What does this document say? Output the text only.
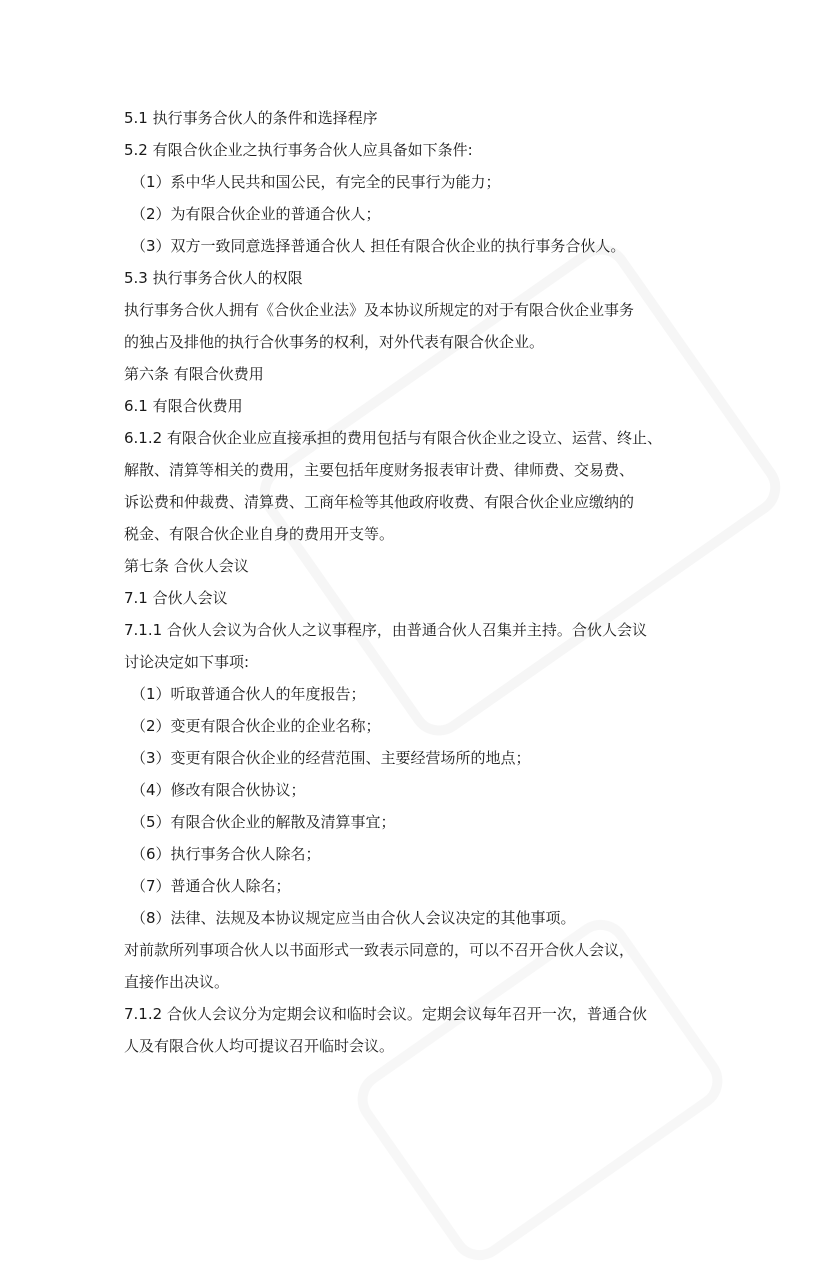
5.1 执行事务合伙人的条件和选择程序
5.2 有限合伙企业之执行事务合伙人应具备如下条件:
（1）系中华人民共和国公民，有完全的民事行为能力；
（2）为有限合伙企业的普通合伙人；
（3）双方一致同意选择普通合伙人 担任有限合伙企业的执行事务合伙人。
5.3 执行事务合伙人的权限
执行事务合伙人拥有《合伙企业法》及本协议所规定的对于有限合伙企业事务
的独占及排他的执行合伙事务的权利，对外代表有限合伙企业。
第六条 有限合伙费用
6.1 有限合伙费用
6.1.2 有限合伙企业应直接承担的费用包括与有限合伙企业之设立、运营、终止、
解散、清算等相关的费用，主要包括年度财务报表审计费、律师费、交易费、
诉讼费和仲裁费、清算费、工商年检等其他政府收费、有限合伙企业应缴纳的
税金、有限合伙企业自身的费用开支等。
第七条 合伙人会议
7.1 合伙人会议
7.1.1 合伙人会议为合伙人之议事程序，由普通合伙人召集并主持。合伙人会议
讨论决定如下事项:
（1）听取普通合伙人的年度报告；
（2）变更有限合伙企业的企业名称；
（3）变更有限合伙企业的经营范围、主要经营场所的地点；
（4）修改有限合伙协议；
（5）有限合伙企业的解散及清算事宜；
（6）执行事务合伙人除名；
（7）普通合伙人除名；
（8）法律、法规及本协议规定应当由合伙人会议决定的其他事项。
对前款所列事项合伙人以书面形式一致表示同意的，可以不召开合伙人会议，
直接作出决议。
7.1.2 合伙人会议分为定期会议和临时会议。定期会议每年召开一次，普通合伙
人及有限合伙人均可提议召开临时会议。
